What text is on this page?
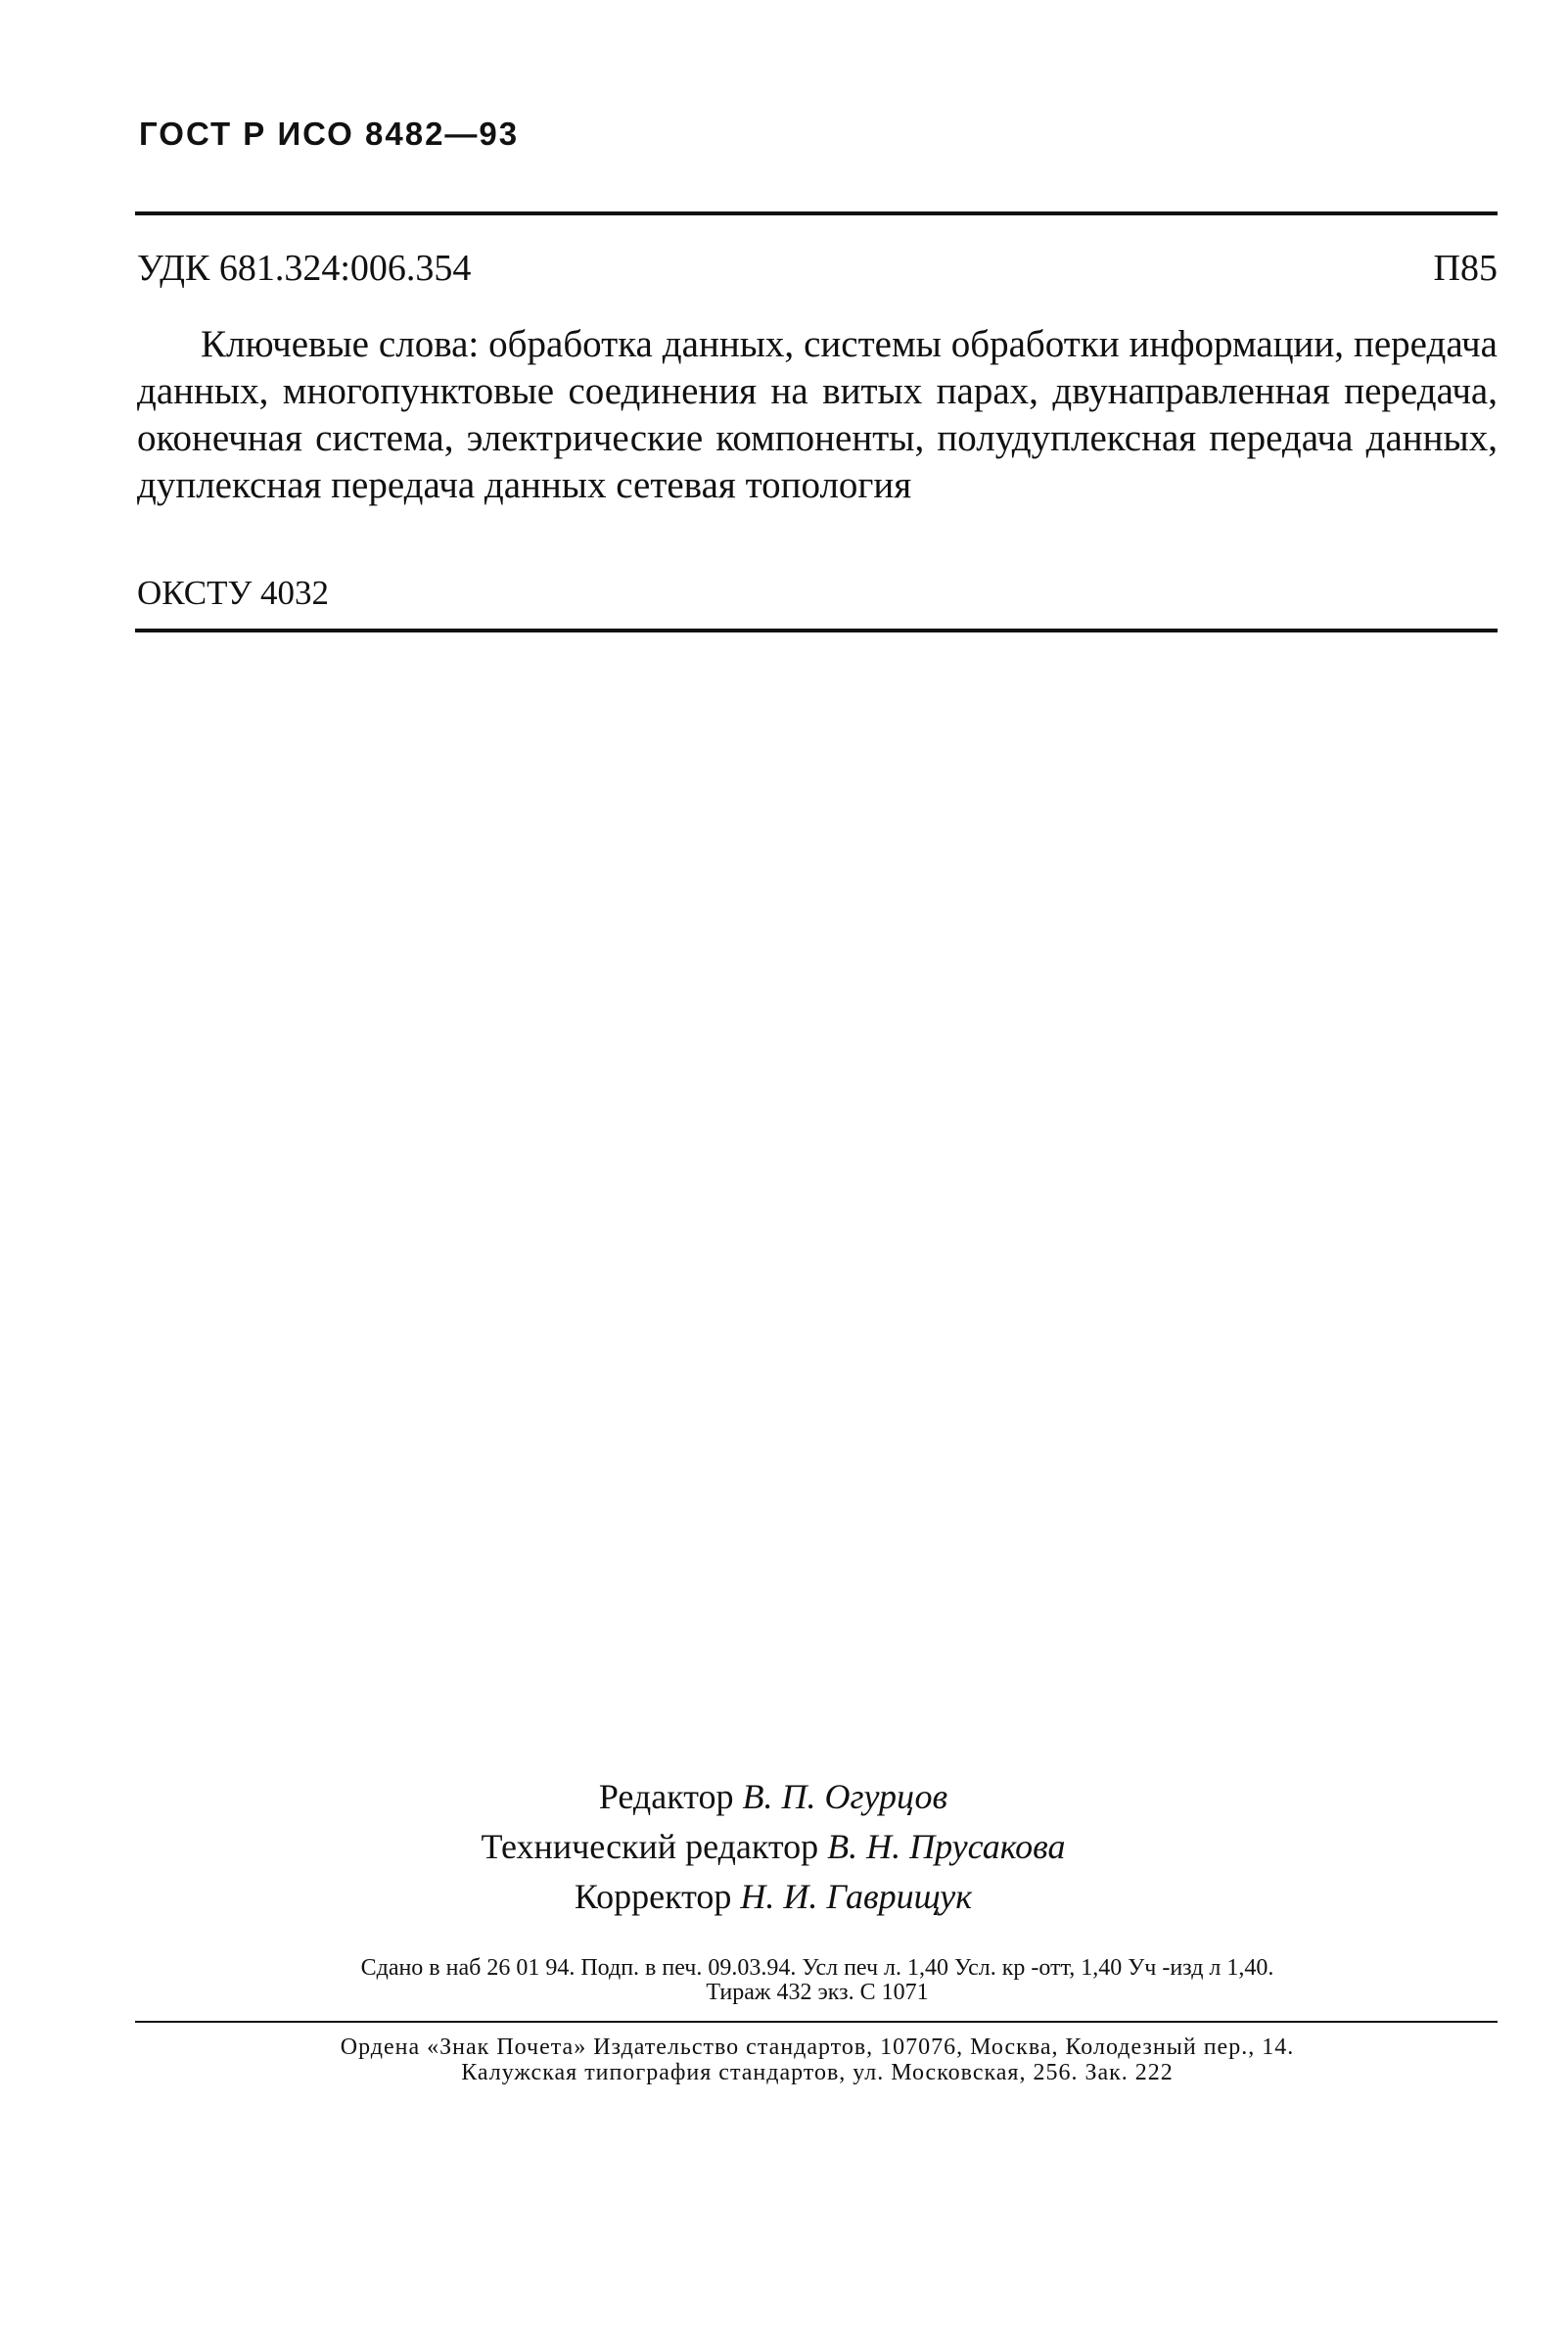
ГОСТ Р ИСО 8482—93
УДК 681.324:006.354	П85

Ключевые слова: обработка данных, системы обработки информации, передача данных, многопунктовые соединения на витых парах, двунаправленная передача, оконечная система, электрические компоненты, полудуплексная передача данных, дуплексная передача данных сетевая топология

ОКСТУ 4032
Редактор В. П. Огурцов
Технический редактор В. Н. Прусакова
Корректор Н. И. Гаврищук
Сдано в наб 26 01 94. Подп. в печ. 09.03.94. Усл печ л. 1,40 Усл. кр -отт, 1,40 Уч -изд л 1,40.
Тираж 432 экз. С 1071
Ордена «Знак Почета» Издательство стандартов, 107076, Москва, Колодезный пер., 14.
Калужская типография стандартов, ул. Московская, 256. Зак. 222
